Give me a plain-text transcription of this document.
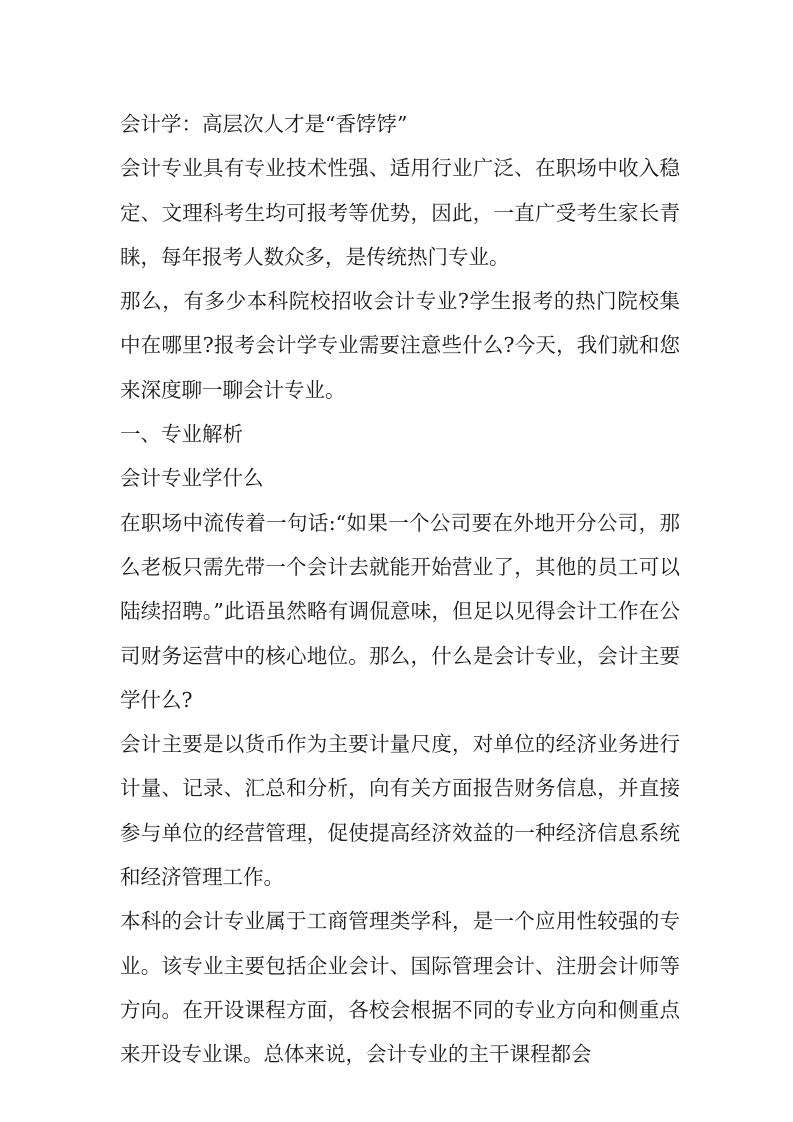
会计学：高层次人才是“香饽饽”

会计专业具有专业技术性强、适用行业广泛、在职场中收入稳定、文理科考生均可报考等优势，因此，一直广受考生家长青睐，每年报考人数众多，是传统热门专业。

那么，有多少本科院校招收会计专业?学生报考的热门院校集中在哪里?报考会计学专业需要注意些什么?今天，我们就和您来深度聊一聊会计专业。

一、专业解析

会计专业学什么

在职场中流传着一句话:“如果一个公司要在外地开分公司，那么老板只需先带一个会计去就能开始营业了，其他的员工可以陆续招聘。”此语虽然略有调侃意味，但足以见得会计工作在公司财务运营中的核心地位。那么，什么是会计专业，会计主要学什么?

会计主要是以货币作为主要计量尺度，对单位的经济业务进行计量、记录、汇总和分析，向有关方面报告财务信息，并直接参与单位的经营管理，促使提高经济效益的一种经济信息系统和经济管理工作。

本科的会计专业属于工商管理类学科，是一个应用性较强的专业。该专业主要包括企业会计、国际管理会计、注册会计师等方向。在开设课程方面，各校会根据不同的专业方向和侧重点来开设专业课。总体来说，会计专业的主干课程都会
